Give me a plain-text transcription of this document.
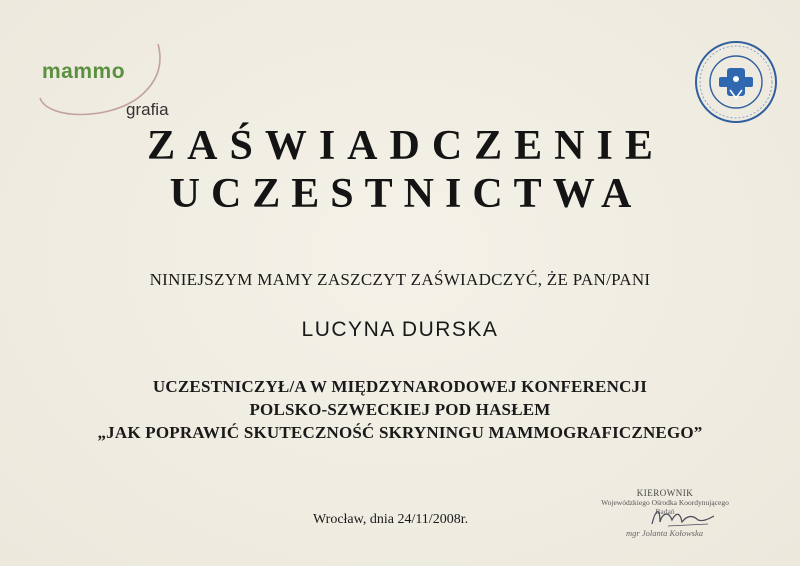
mammo
grafia
ZAŚWIADCZENIE
UCZESTNICTWA
NINIEJSZYM MAMY ZASZCZYT ZAŚWIADCZYĆ, ŻE PAN/PANI
LUCYNA DURSKA
UCZESTNICZYŁ/A W MIĘDZYNARODOWEJ KONFERENCJI
POLSKO-SZWECKIEJ POD HASŁEM
„JAK POPRAWIĆ SKUTECZNOŚĆ SKRYNINGU MAMMOGRAFICZNEGO”
Wrocław, dnia 24/11/2008r.
KIEROWNIK
Wojewódzkiego Ośrodka Koordynującego
Badań
mgr Jolanta Kołowska
